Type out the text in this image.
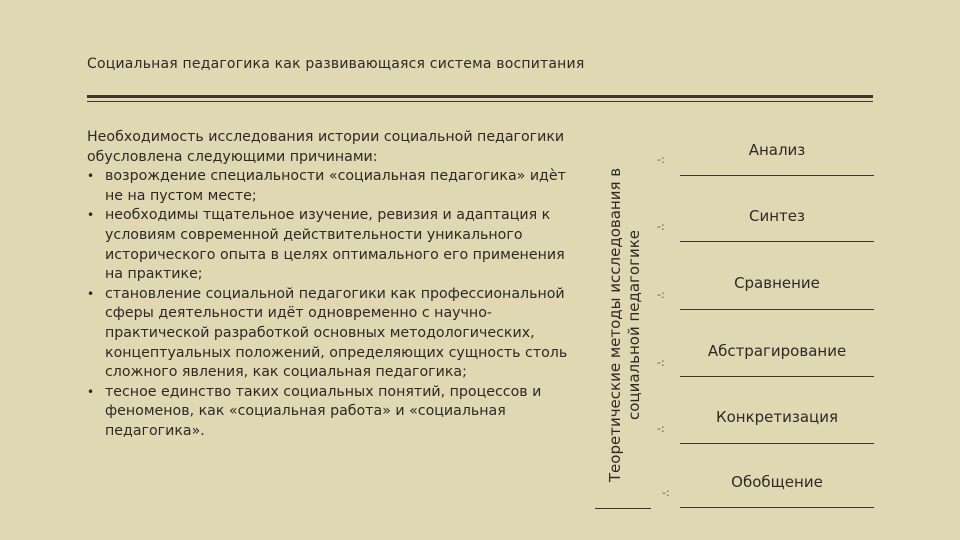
Социальная педагогика как развивающаяся система воспитания
Необходимость исследования истории социальной педагогики обусловлена следующими причинами:
• возрождение специальности «социальная педагогика» идѐт не на пустом месте;
• необходимы тщательное изучение, ревизия и адаптация к условиям современной действительности уникального исторического опыта в целях оптимального его применения на практике;
• становление социальной педагогики как профессиональной сферы деятельности идёт одновременно с научно-практической разработкой основных методологических, концептуальных положений, определяющих сущность столь сложного явления, как социальная педагогика;
• тесное единство таких социальных понятий, процессов и феноменов, как «социальная работа» и «социальная педагогика».	Теоретические методы исследования в социальной педагогике
Анализ
Синтез
Сравнение
Абстрагирование
Конкретизация
Обобщение
-:
-:
-:
-:
-:
-:
